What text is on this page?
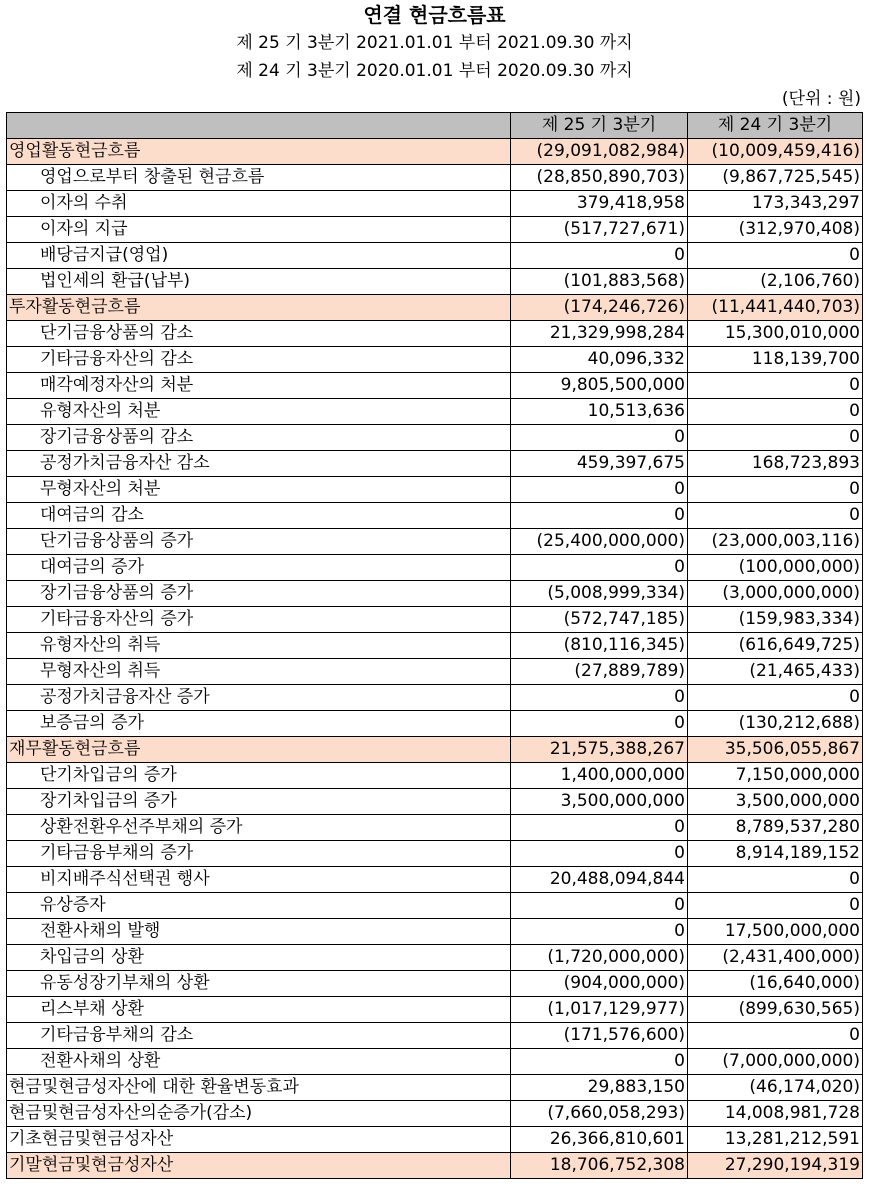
연결 현금흐름표
제 25 기 3분기 2021.01.01 부터 2021.09.30 까지
제 24 기 3분기 2020.01.01 부터 2020.09.30 까지
(단위 : 원)
	제 25 기 3분기	제 24 기 3분기
영업활동현금흐름	(29,091,082,984)	(10,009,459,416)
영업으로부터 창출된 현금흐름	(28,850,890,703)	(9,867,725,545)
이자의 수취	379,418,958	173,343,297
이자의 지급	(517,727,671)	(312,970,408)
배당금지급(영업)	0	0
법인세의 환급(납부)	(101,883,568)	(2,106,760)
투자활동현금흐름	(174,246,726)	(11,441,440,703)
단기금융상품의 감소	21,329,998,284	15,300,010,000
기타금융자산의 감소	40,096,332	118,139,700
매각예정자산의 처분	9,805,500,000	0
유형자산의 처분	10,513,636	0
장기금융상품의 감소	0	0
공정가치금융자산 감소	459,397,675	168,723,893
무형자산의 처분	0	0
대여금의 감소	0	0
단기금융상품의 증가	(25,400,000,000)	(23,000,003,116)
대여금의 증가	0	(100,000,000)
장기금융상품의 증가	(5,008,999,334)	(3,000,000,000)
기타금융자산의 증가	(572,747,185)	(159,983,334)
유형자산의 취득	(810,116,345)	(616,649,725)
무형자산의 취득	(27,889,789)	(21,465,433)
공정가치금융자산 증가	0	0
보증금의 증가	0	(130,212,688)
재무활동현금흐름	21,575,388,267	35,506,055,867
단기차입금의 증가	1,400,000,000	7,150,000,000
장기차입금의 증가	3,500,000,000	3,500,000,000
상환전환우선주부채의 증가	0	8,789,537,280
기타금융부채의 증가	0	8,914,189,152
비지배주식선택권 행사	20,488,094,844	0
유상증자	0	0
전환사채의 발행	0	17,500,000,000
차입금의 상환	(1,720,000,000)	(2,431,400,000)
유동성장기부채의 상환	(904,000,000)	(16,640,000)
리스부채 상환	(1,017,129,977)	(899,630,565)
기타금융부채의 감소	(171,576,600)	0
전환사채의 상환	0	(7,000,000,000)
현금및현금성자산에 대한 환율변동효과	29,883,150	(46,174,020)
현금및현금성자산의순증가(감소)	(7,660,058,293)	14,008,981,728
기초현금및현금성자산	26,366,810,601	13,281,212,591
기말현금및현금성자산	18,706,752,308	27,290,194,319
